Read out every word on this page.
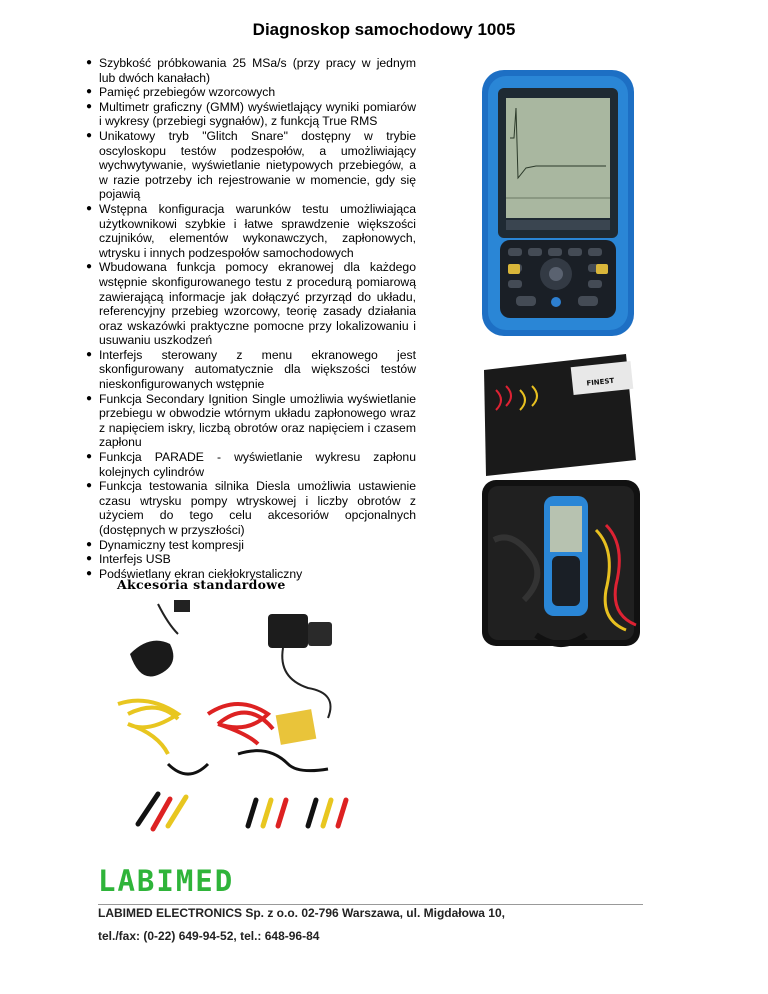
Diagnoskop samochodowy 1005
● Szybkość próbkowania 25 MSa/s (przy pracy w jednym lub dwóch kanałach)
● Pamięć przebiegów wzorcowych
● Multimetr graficzny (GMM) wyświetlający wyniki pomiarów i wykresy (przebiegi sygnałów), z funkcją True RMS
● Unikatowy tryb "Glitch Snare" dostępny w trybie oscyloskopu testów podzespołów, a umożliwiający wychwytywanie, wyświetlanie nietypowych przebiegów, a w razie potrzeby ich rejestrowanie w momencie, gdy się pojawią
● Wstępna konfiguracja warunków testu umożliwiająca użytkownikowi szybkie i łatwe sprawdzenie większości czujników, elementów wykonawczych, zapłonowych, wtrysku i innych podzespołów samochodowych
● Wbudowana funkcja pomocy ekranowej dla każdego wstępnie skonfigurowanego testu z procedurą pomiarową zawierającą informacje jak dołączyć przyrząd do układu, referencyjny przebieg wzorcowy, teorię zasady działania oraz wskazówki praktyczne pomocne przy lokalizowaniu i usuwaniu uszkodzeń
● Interfejs sterowany z menu ekranowego jest skonfigurowany automatycznie dla większości testów nieskonfigurowanych wstępnie
● Funkcja Secondary Ignition Single umożliwia wyświetlanie przebiegu w obwodzie wtórnym układu zapłonowego wraz z napięciem iskry, liczbą obrotów oraz napięciem i czasem zapłonu
● Funkcja PARADE - wyświetlanie wykresu zapłonu kolejnych cylindrów
● Funkcja testowania silnika Diesla umożliwia ustawienie czasu wtrysku pompy wtryskowej i liczby obrotów z użyciem do tego celu akcesoriów opcjonalnych (dostępnych w przyszłości)
● Dynamiczny test kompresji
● Interfejs USB
● Podświetlany ekran ciekłokrystaliczny
FINEST
Akcesoria standardowe
LABIMED
LABIMED ELECTRONICS Sp. z o.o. 02-796 Warszawa, ul. Migdałowa 10,
tel./fax: (0-22) 649-94-52, tel.: 648-96-84
